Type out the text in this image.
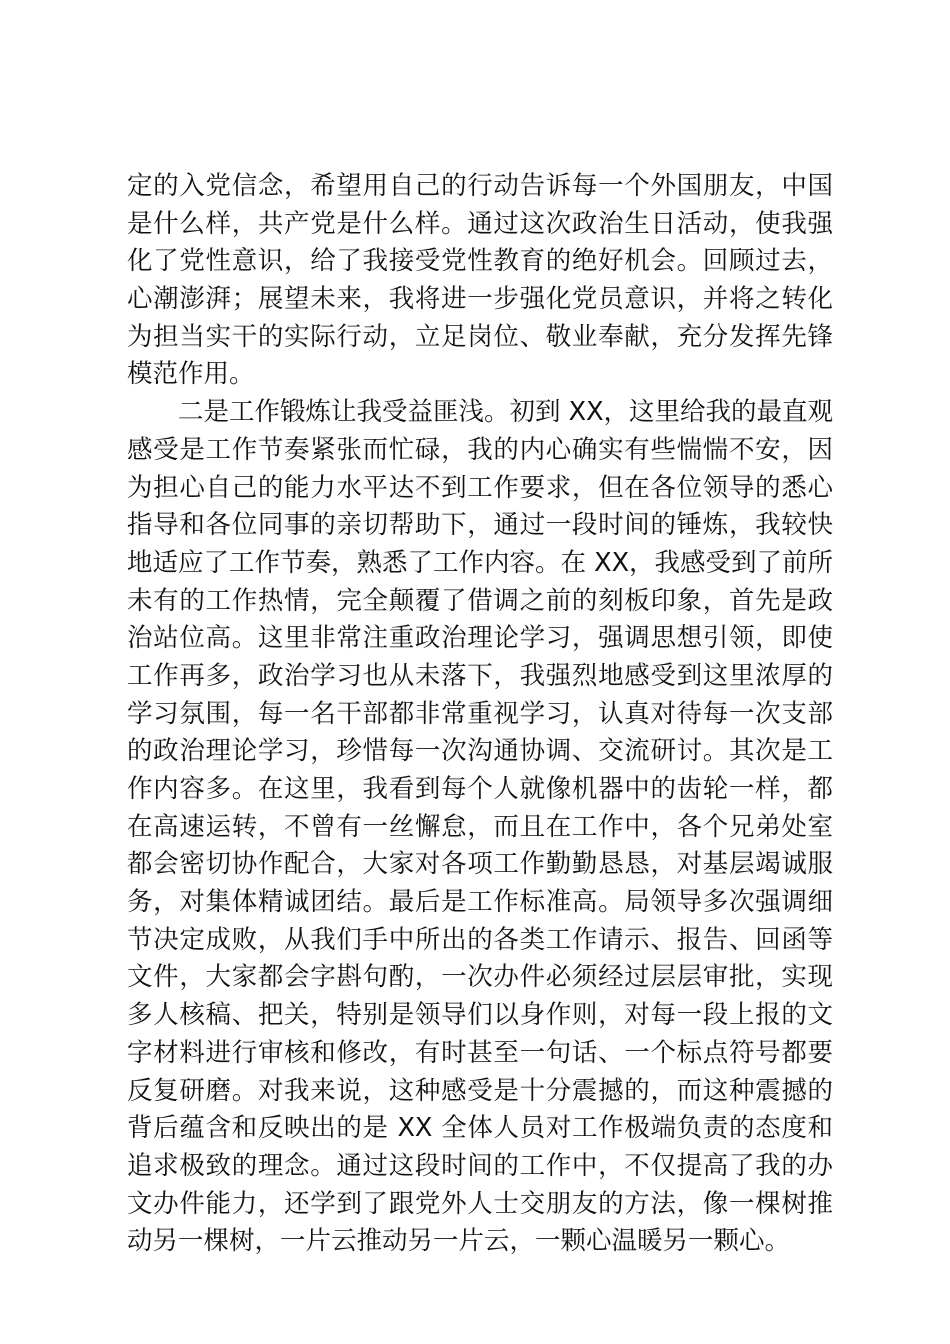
定的入党信念，希望用自己的行动告诉每一个外国朋友，中国
是什么样，共产党是什么样。通过这次政治生日活动，使我强
化了党性意识，给了我接受党性教育的绝好机会。回顾过去，
心潮澎湃；展望未来，我将进一步强化党员意识，并将之转化
为担当实干的实际行动，立足岗位、敬业奉献，充分发挥先锋
模范作用。
　　二是工作锻炼让我受益匪浅。初到 XX，这里给我的最直观
感受是工作节奏紧张而忙碌，我的内心确实有些惴惴不安，因
为担心自己的能力水平达不到工作要求，但在各位领导的悉心
指导和各位同事的亲切帮助下，通过一段时间的锤炼，我较快
地适应了工作节奏，熟悉了工作内容。在 XX，我感受到了前所
未有的工作热情，完全颠覆了借调之前的刻板印象，首先是政
治站位高。这里非常注重政治理论学习，强调思想引领，即使
工作再多，政治学习也从未落下，我强烈地感受到这里浓厚的
学习氛围，每一名干部都非常重视学习，认真对待每一次支部
的政治理论学习，珍惜每一次沟通协调、交流研讨。其次是工
作内容多。在这里，我看到每个人就像机器中的齿轮一样，都
在高速运转，不曾有一丝懈怠，而且在工作中，各个兄弟处室
都会密切协作配合，大家对各项工作勤勤恳恳，对基层竭诚服
务，对集体精诚团结。最后是工作标准高。局领导多次强调细
节决定成败，从我们手中所出的各类工作请示、报告、回函等
文件，大家都会字斟句酌，一次办件必须经过层层审批，实现
多人核稿、把关，特别是领导们以身作则，对每一段上报的文
字材料进行审核和修改，有时甚至一句话、一个标点符号都要
反复研磨。对我来说，这种感受是十分震撼的，而这种震撼的
背后蕴含和反映出的是 XX 全体人员对工作极端负责的态度和
追求极致的理念。通过这段时间的工作中，不仅提高了我的办
文办件能力，还学到了跟党外人士交朋友的方法，像一棵树推
动另一棵树，一片云推动另一片云，一颗心温暖另一颗心。
